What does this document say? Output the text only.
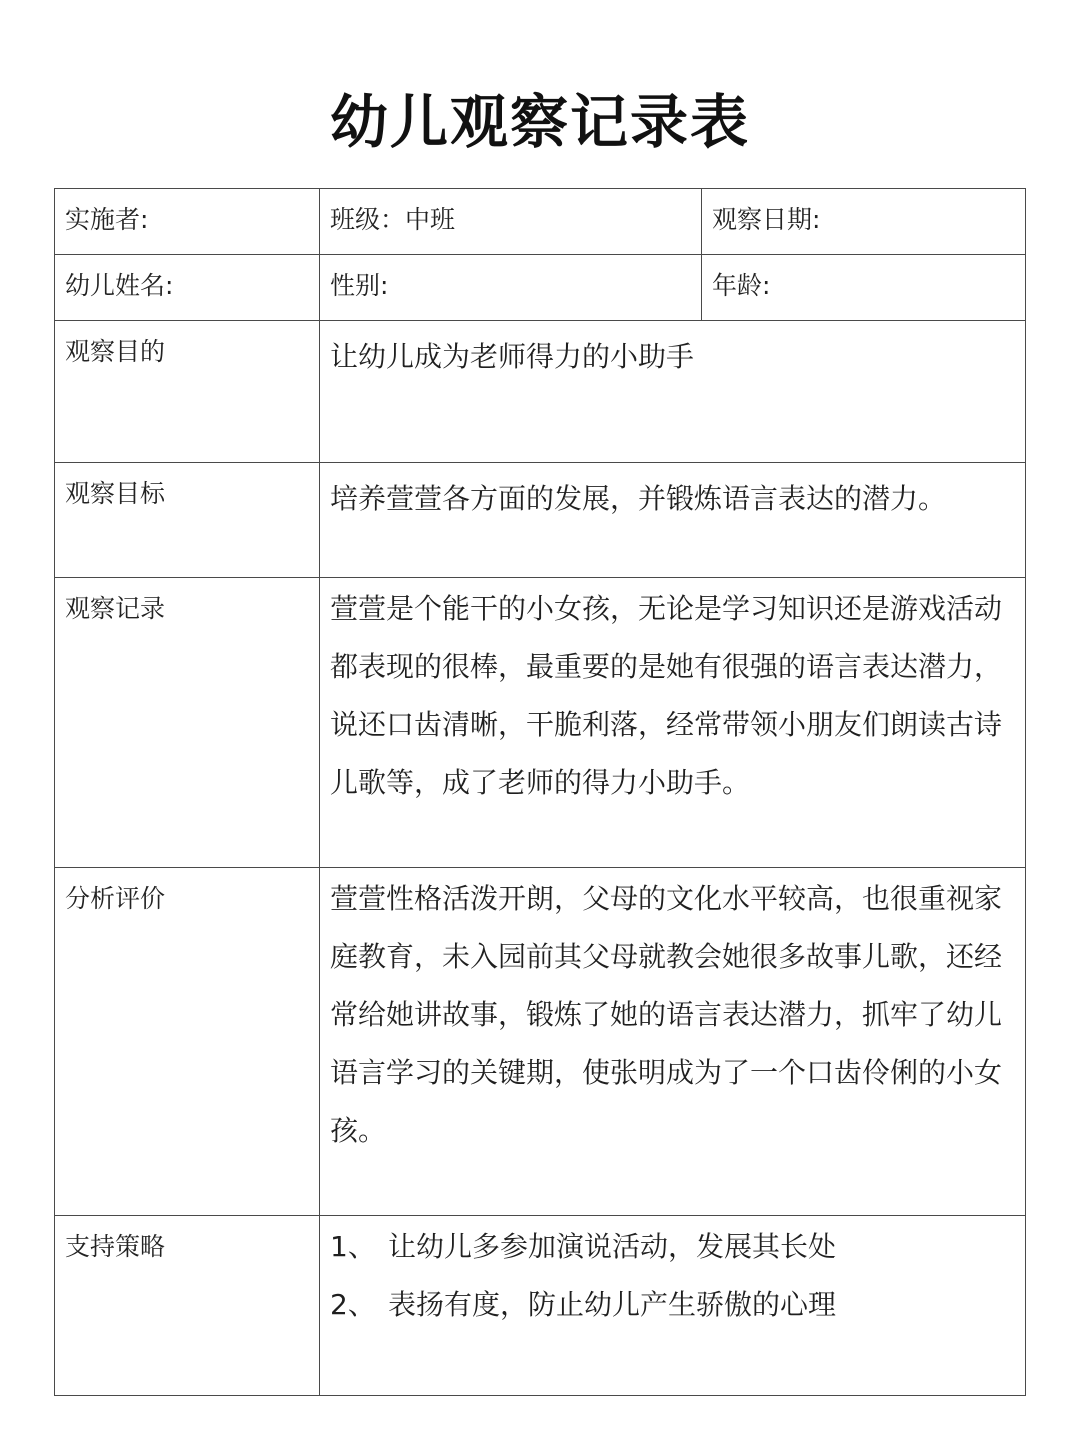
幼儿观察记录表
实施者:	班级：中班	观察日期:

幼儿姓名:	性别:	年龄:

观察目的	让幼儿成为老师得力的小助手	

观察目标	培养萱萱各方面的发展，并锻炼语言表达的潜力。	

观察记录	萱萱是个能干的小女孩，无论是学习知识还是游戏活动都表现的很棒，最重要的是她有很强的语言表达潜力，说还口齿清晰，干脆利落，经常带领小朋友们朗读古诗儿歌等，成了老师的得力小助手。	

分析评价	萱萱性格活泼开朗，父母的文化水平较高，也很重视家庭教育，未入园前其父母就教会她很多故事儿歌，还经常给她讲故事，锻炼了她的语言表达潜力，抓牢了幼儿语言学习的关键期，使张明成为了一个口齿伶俐的小女孩。	

支持策略	1、 让幼儿多参加演说活动，发展其长处
2、 表扬有度，防止幼儿产生骄傲的心理	
